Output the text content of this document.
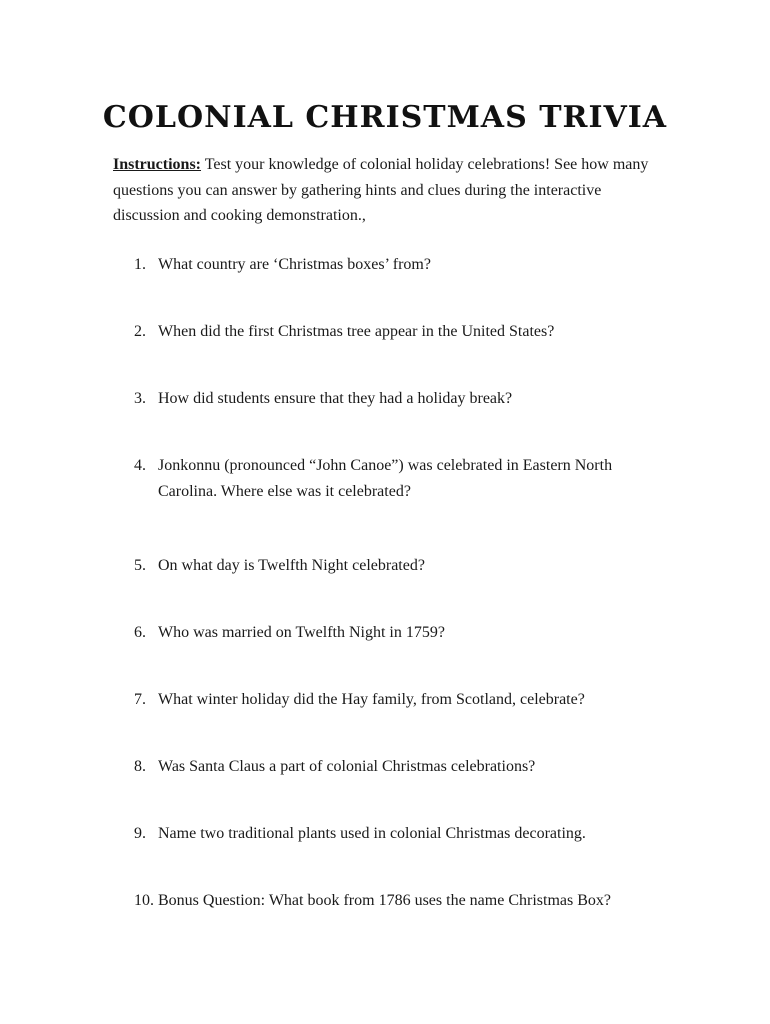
COLONIAL CHRISTMAS TRIVIA
Instructions: Test your knowledge of colonial holiday celebrations! See how many questions you can answer by gathering hints and clues during the interactive discussion and cooking demonstration.,
1. What country are ‘Christmas boxes’ from?
2. When did the first Christmas tree appear in the United States?
3. How did students ensure that they had a holiday break?
4. Jonkonnu (pronounced “John Canoe”) was celebrated in Eastern North Carolina. Where else was it celebrated?
5. On what day is Twelfth Night celebrated?
6. Who was married on Twelfth Night in 1759?
7. What winter holiday did the Hay family, from Scotland, celebrate?
8. Was Santa Claus a part of colonial Christmas celebrations?
9. Name two traditional plants used in colonial Christmas decorating.
10. Bonus Question: What book from 1786 uses the name Christmas Box?
